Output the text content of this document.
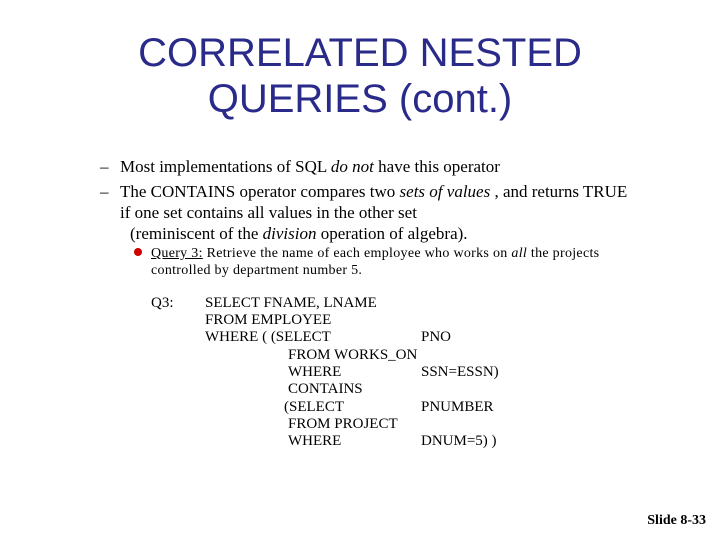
CORRELATED NESTED
QUERIES (cont.)
– Most implementations of SQL do not have this operator
– The CONTAINS operator compares two sets of values , and returns TRUE
if one set contains all values in the other set
(reminiscent of the division operation of algebra).
Query 3: Retrieve the name of each employee who works on all the projects
controlled by department number 5.
Q3: SELECT FNAME, LNAME
FROM EMPLOYEE
WHERE ( (SELECT	PNO
FROM WORKS_ON
WHERE	SSN=ESSN)
CONTAINS
(SELECT	PNUMBER
FROM PROJECT
WHERE	DNUM=5) )
Slide 8-33
